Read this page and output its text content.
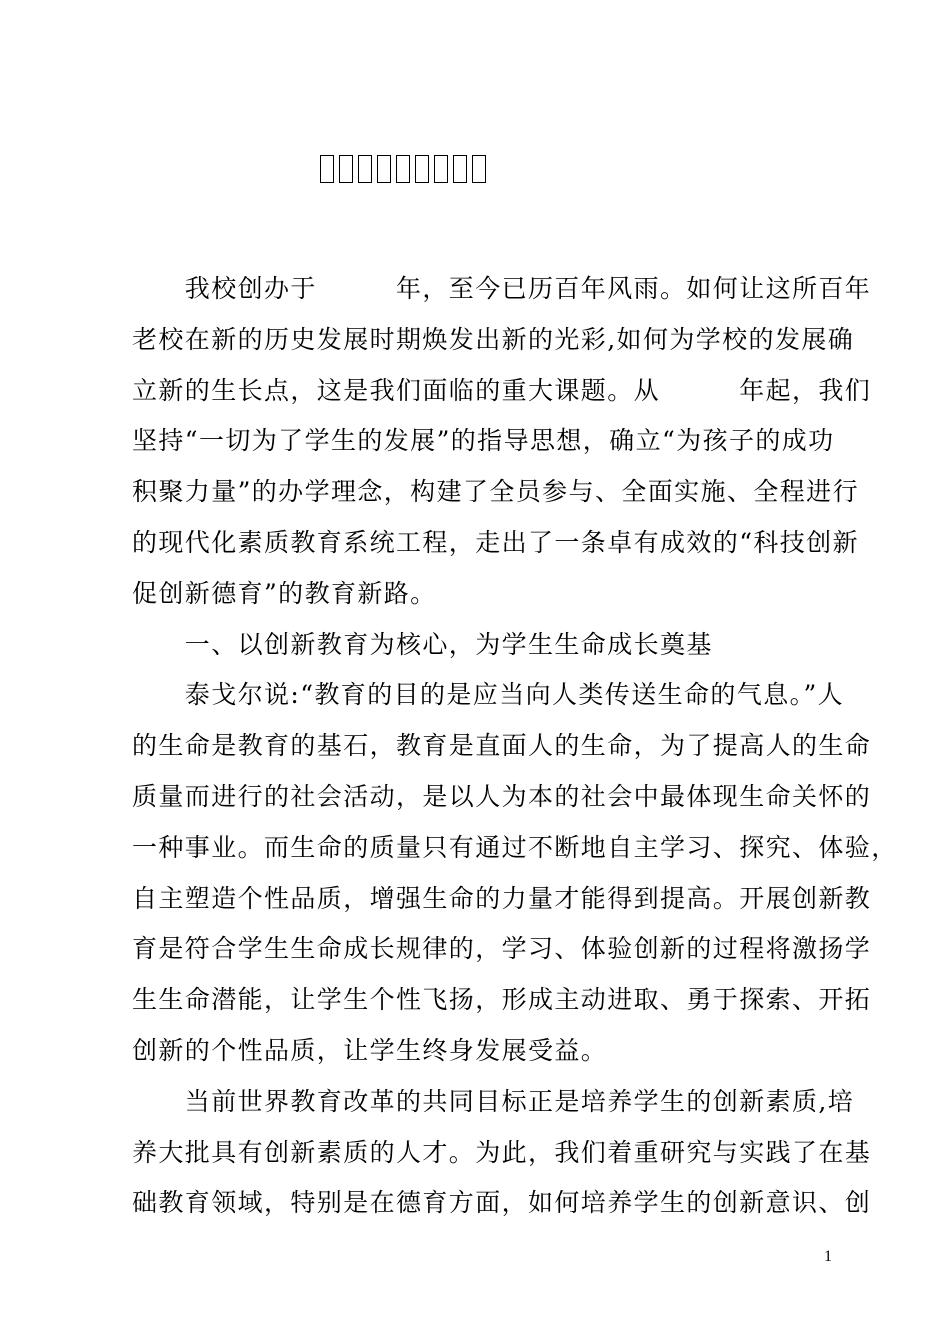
　　我校创办于　　　年，至今已历百年风雨。如何让这所百年
老校在新的历史发展时期焕发出新的光彩,如何为学校的发展确
立新的生长点，这是我们面临的重大课题。从　　　年起，我们
坚持“一切为了学生的发展”的指导思想，确立“为孩子的成功
积聚力量”的办学理念，构建了全员参与、全面实施、全程进行
的现代化素质教育系统工程，走出了一条卓有成效的“科技创新
促创新德育”的教育新路。
　　一、以创新教育为核心，为学生生命成长奠基
　　泰戈尔说:“教育的目的是应当向人类传送生命的气息。”人
的生命是教育的基石，教育是直面人的生命，为了提高人的生命
质量而进行的社会活动，是以人为本的社会中最体现生命关怀的
一种事业。而生命的质量只有通过不断地自主学习、探究、体验，
自主塑造个性品质，增强生命的力量才能得到提高。开展创新教
育是符合学生生命成长规律的，学习、体验创新的过程将激扬学
生生命潜能，让学生个性飞扬，形成主动进取、勇于探索、开拓
创新的个性品质，让学生终身发展受益。
　　当前世界教育改革的共同目标正是培养学生的创新素质,培
养大批具有创新素质的人才。为此，我们着重研究与实践了在基
础教育领域，特别是在德育方面，如何培养学生的创新意识、创
1
